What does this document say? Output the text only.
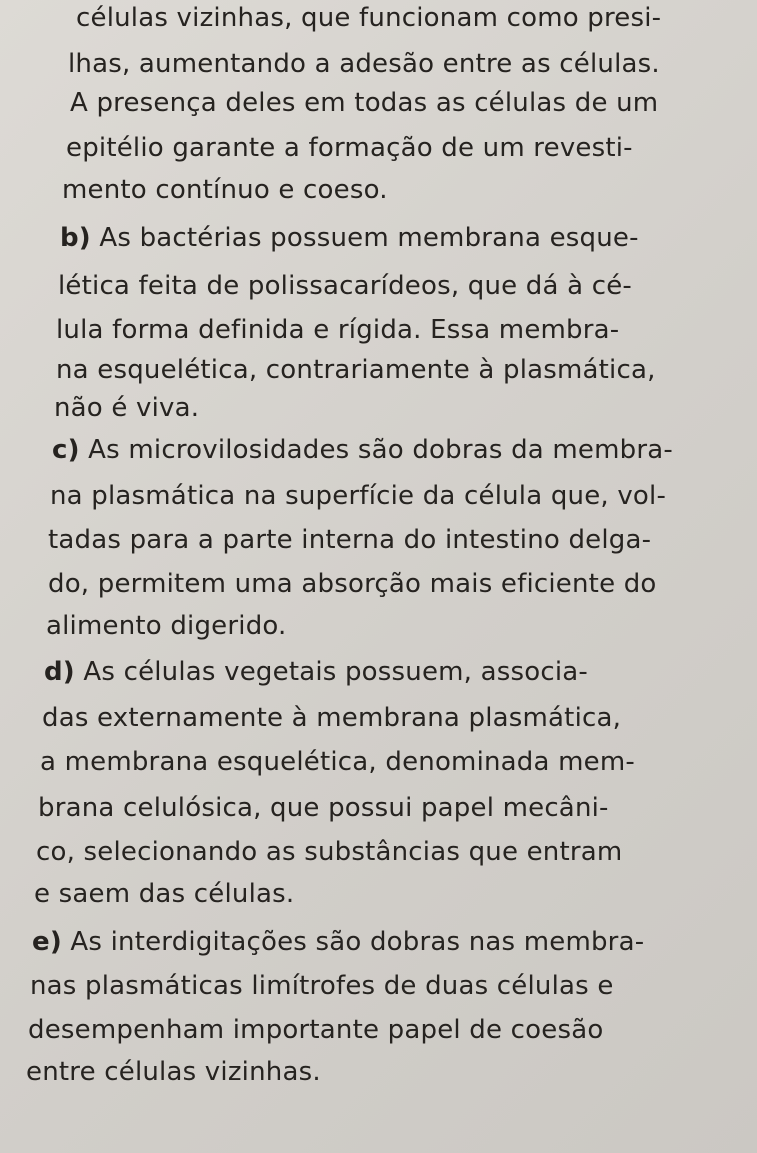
células vizinhas, que funcionam como presi-
lhas, aumentando a adesão entre as células.
A presença deles em todas as células de um
epitélio garante a formação de um revesti-
mento contínuo e coeso.
b) As bactérias possuem membrana esque-
lética feita de polissacarídeos, que dá à cé-
lula forma definida e rígida. Essa membra-
na esquelética, contrariamente à plasmática,
não é viva.
c) As microvilosidades são dobras da membra-
na plasmática na superfície da célula que, vol-
tadas para a parte interna do intestino delga-
do, permitem uma absorção mais eficiente do
alimento digerido.
d) As células vegetais possuem, associa-
das externamente à membrana plasmática,
a membrana esquelética, denominada mem-
brana celulósica, que possui papel mecâni-
co, selecionando as substâncias que entram
e saem das células.
e) As interdigitações são dobras nas membra-
nas plasmáticas limítrofes de duas células e
desempenham importante papel de coesão
entre células vizinhas.
